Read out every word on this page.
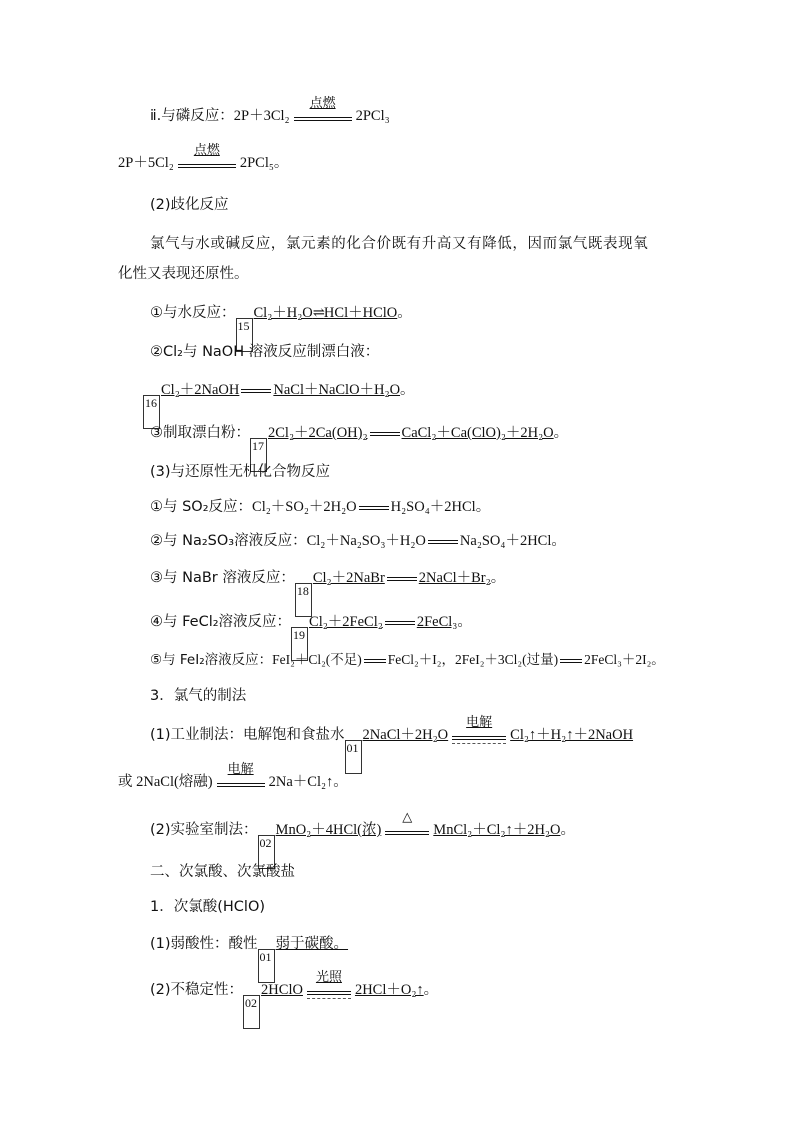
ⅱ.与磷反应：2P＋3Cl₂
点燃
2PCl₃
2P＋5Cl₂
点燃
2PCl₅。
(2)歧化反应
氯气与水或碱反应，氯元素的化合价既有升高又有降低，因而氯气既表现氧
化性又表现还原性。
①与水反应：15Cl₂＋H₂O⇌HCl＋HClO。
②Cl₂与 NaOH 溶液反应制漂白液：
16Cl₂＋2NaOH NaCl＋NaClO＋H₂O。
③制取漂白粉：172Cl₂＋2Ca(OH)₂ CaCl₂＋Ca(ClO)₂＋2H₂O。
(3)与还原性无机化合物反应
①与 SO₂反应：Cl₂＋SO₂＋2H₂O H₂SO₄＋2HCl。
②与 Na₂SO₃溶液反应：Cl₂＋Na₂SO₃＋H₂O Na₂SO₄＋2HCl。
③与 NaBr 溶液反应：18Cl₂＋2NaBr 2NaCl＋Br₂。
④与 FeCl₂溶液反应：19Cl₂＋2FeCl₂ 2FeCl₃。
⑤与 FeI₂溶液反应：FeI₂＋Cl₂(不足) FeCl₂＋I₂，2FeI₂＋3Cl₂(过量) 2FeCl₃＋2I₂。
3．氯气的制法
(1)工业制法：电解饱和食盐水012NaCl＋2H₂O
电解
Cl₂↑＋H₂↑＋2NaOH
或 2NaCl(熔融)
电解
2Na＋Cl₂↑。
(2)实验室制法：02MnO₂＋4HCl(浓)
△
MnCl₂＋Cl₂↑＋2H₂O。
二、次氯酸、次氯酸盐
1．次氯酸(HClO)
(1)弱酸性：酸性01弱于碳酸。
(2)不稳定性：022HClO
光照
2HCl＋O₂↑。
